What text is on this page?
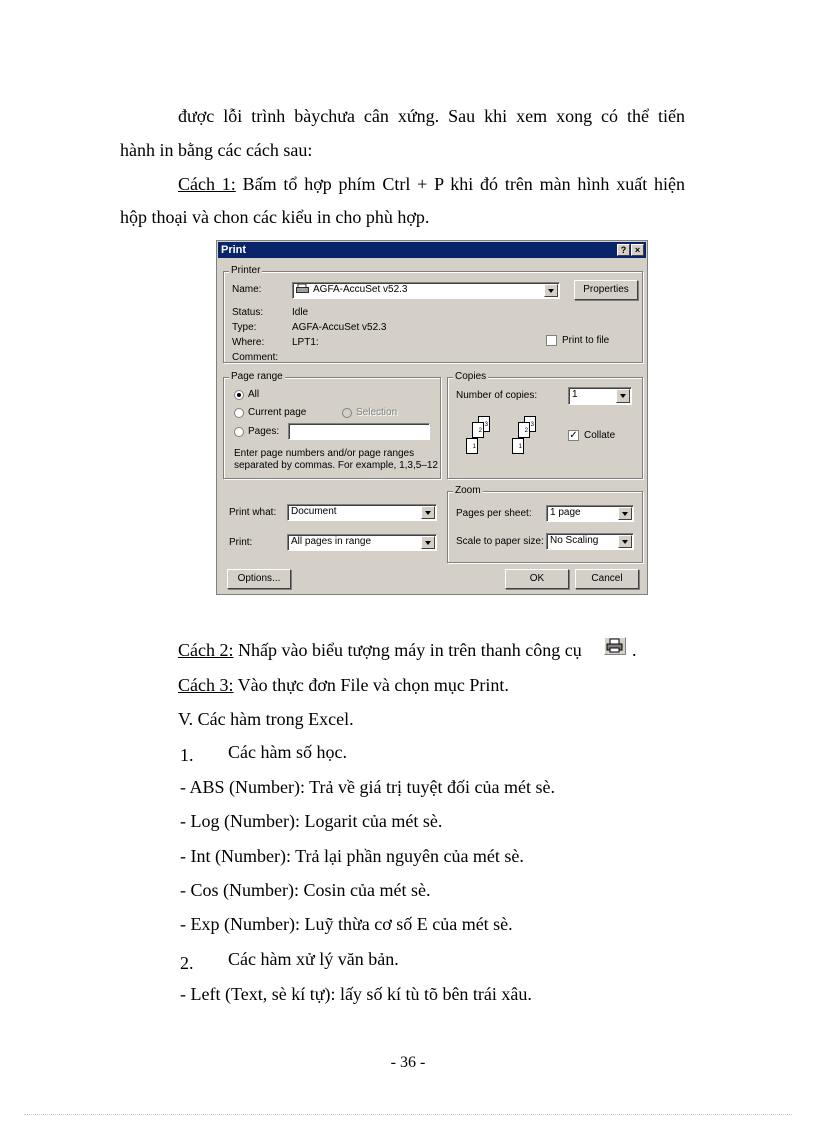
được lỗi trình bàychưa cân xứng. Sau khi xem xong có thể tiến
hành in bằng các cách sau:
Cách 1: Bấm tổ hợp phím Ctrl + P khi đó trên màn hình xuất hiện
hộp thoại và chon các kiểu in cho phù hợp.
Print	? ×
Printer
Name:	AGFA-AccuSet v52.3	Properties
Status:	Idle
Type:	AGFA-AccuSet v52.3
Where:	LPT1:
Comment:
Print to file
Page range
All
Current page	Selection
Pages:
Enter page numbers and/or page ranges
separated by commas. For example, 1,3,5–12
Copies
Number of copies:	1
3
2
1
3
2
1
✓ Collate
Print what:	Document
Print:	All pages in range
Zoom
Pages per sheet:	1 page
Scale to paper size: No Scaling
Options...	OK	Cancel
Cách 2: Nhấp vào biểu tượng máy in trên thanh công cụ	.
Cách 3: Vào thực đơn File và chọn mục Print.
V. Các hàm trong Excel.
1.	Các hàm số học.
- ABS (Number): Trả về giá trị tuyệt đối của mét sè.
- Log (Number): Logarit của mét sè.
- Int (Number): Trả lại phần nguyên của mét sè.
- Cos (Number): Cosin của mét sè.
- Exp (Number): Luỹ thừa cơ số E của mét sè.
2.	Các hàm xử lý văn bản.
- Left (Text, sè kí tự): lấy số kí tù tõ bên trái xâu.
- 36 -
